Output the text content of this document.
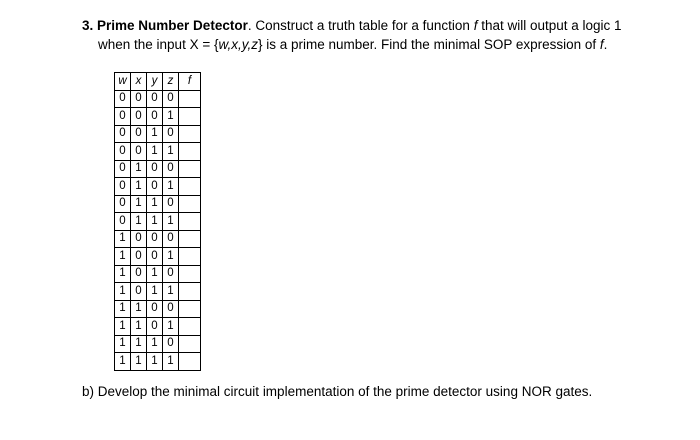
3. Prime Number Detector. Construct a truth table for a function f that will output a logic 1
when the input X = {w,x,y,z} is a prime number. Find the minimal SOP expression of f.
w	x	y	z	f
0	0	0	0	
0	0	0	1	
0	0	1	0	
0	0	1	1	
0	1	0	0	
0	1	0	1	
0	1	1	0	
0	1	1	1	
1	0	0	0	
1	0	0	1	
1	0	1	0	
1	0	1	1	
1	1	0	0	
1	1	0	1	
1	1	1	0	
1	1	1	1	
b) Develop the minimal circuit implementation of the prime detector using NOR gates.
